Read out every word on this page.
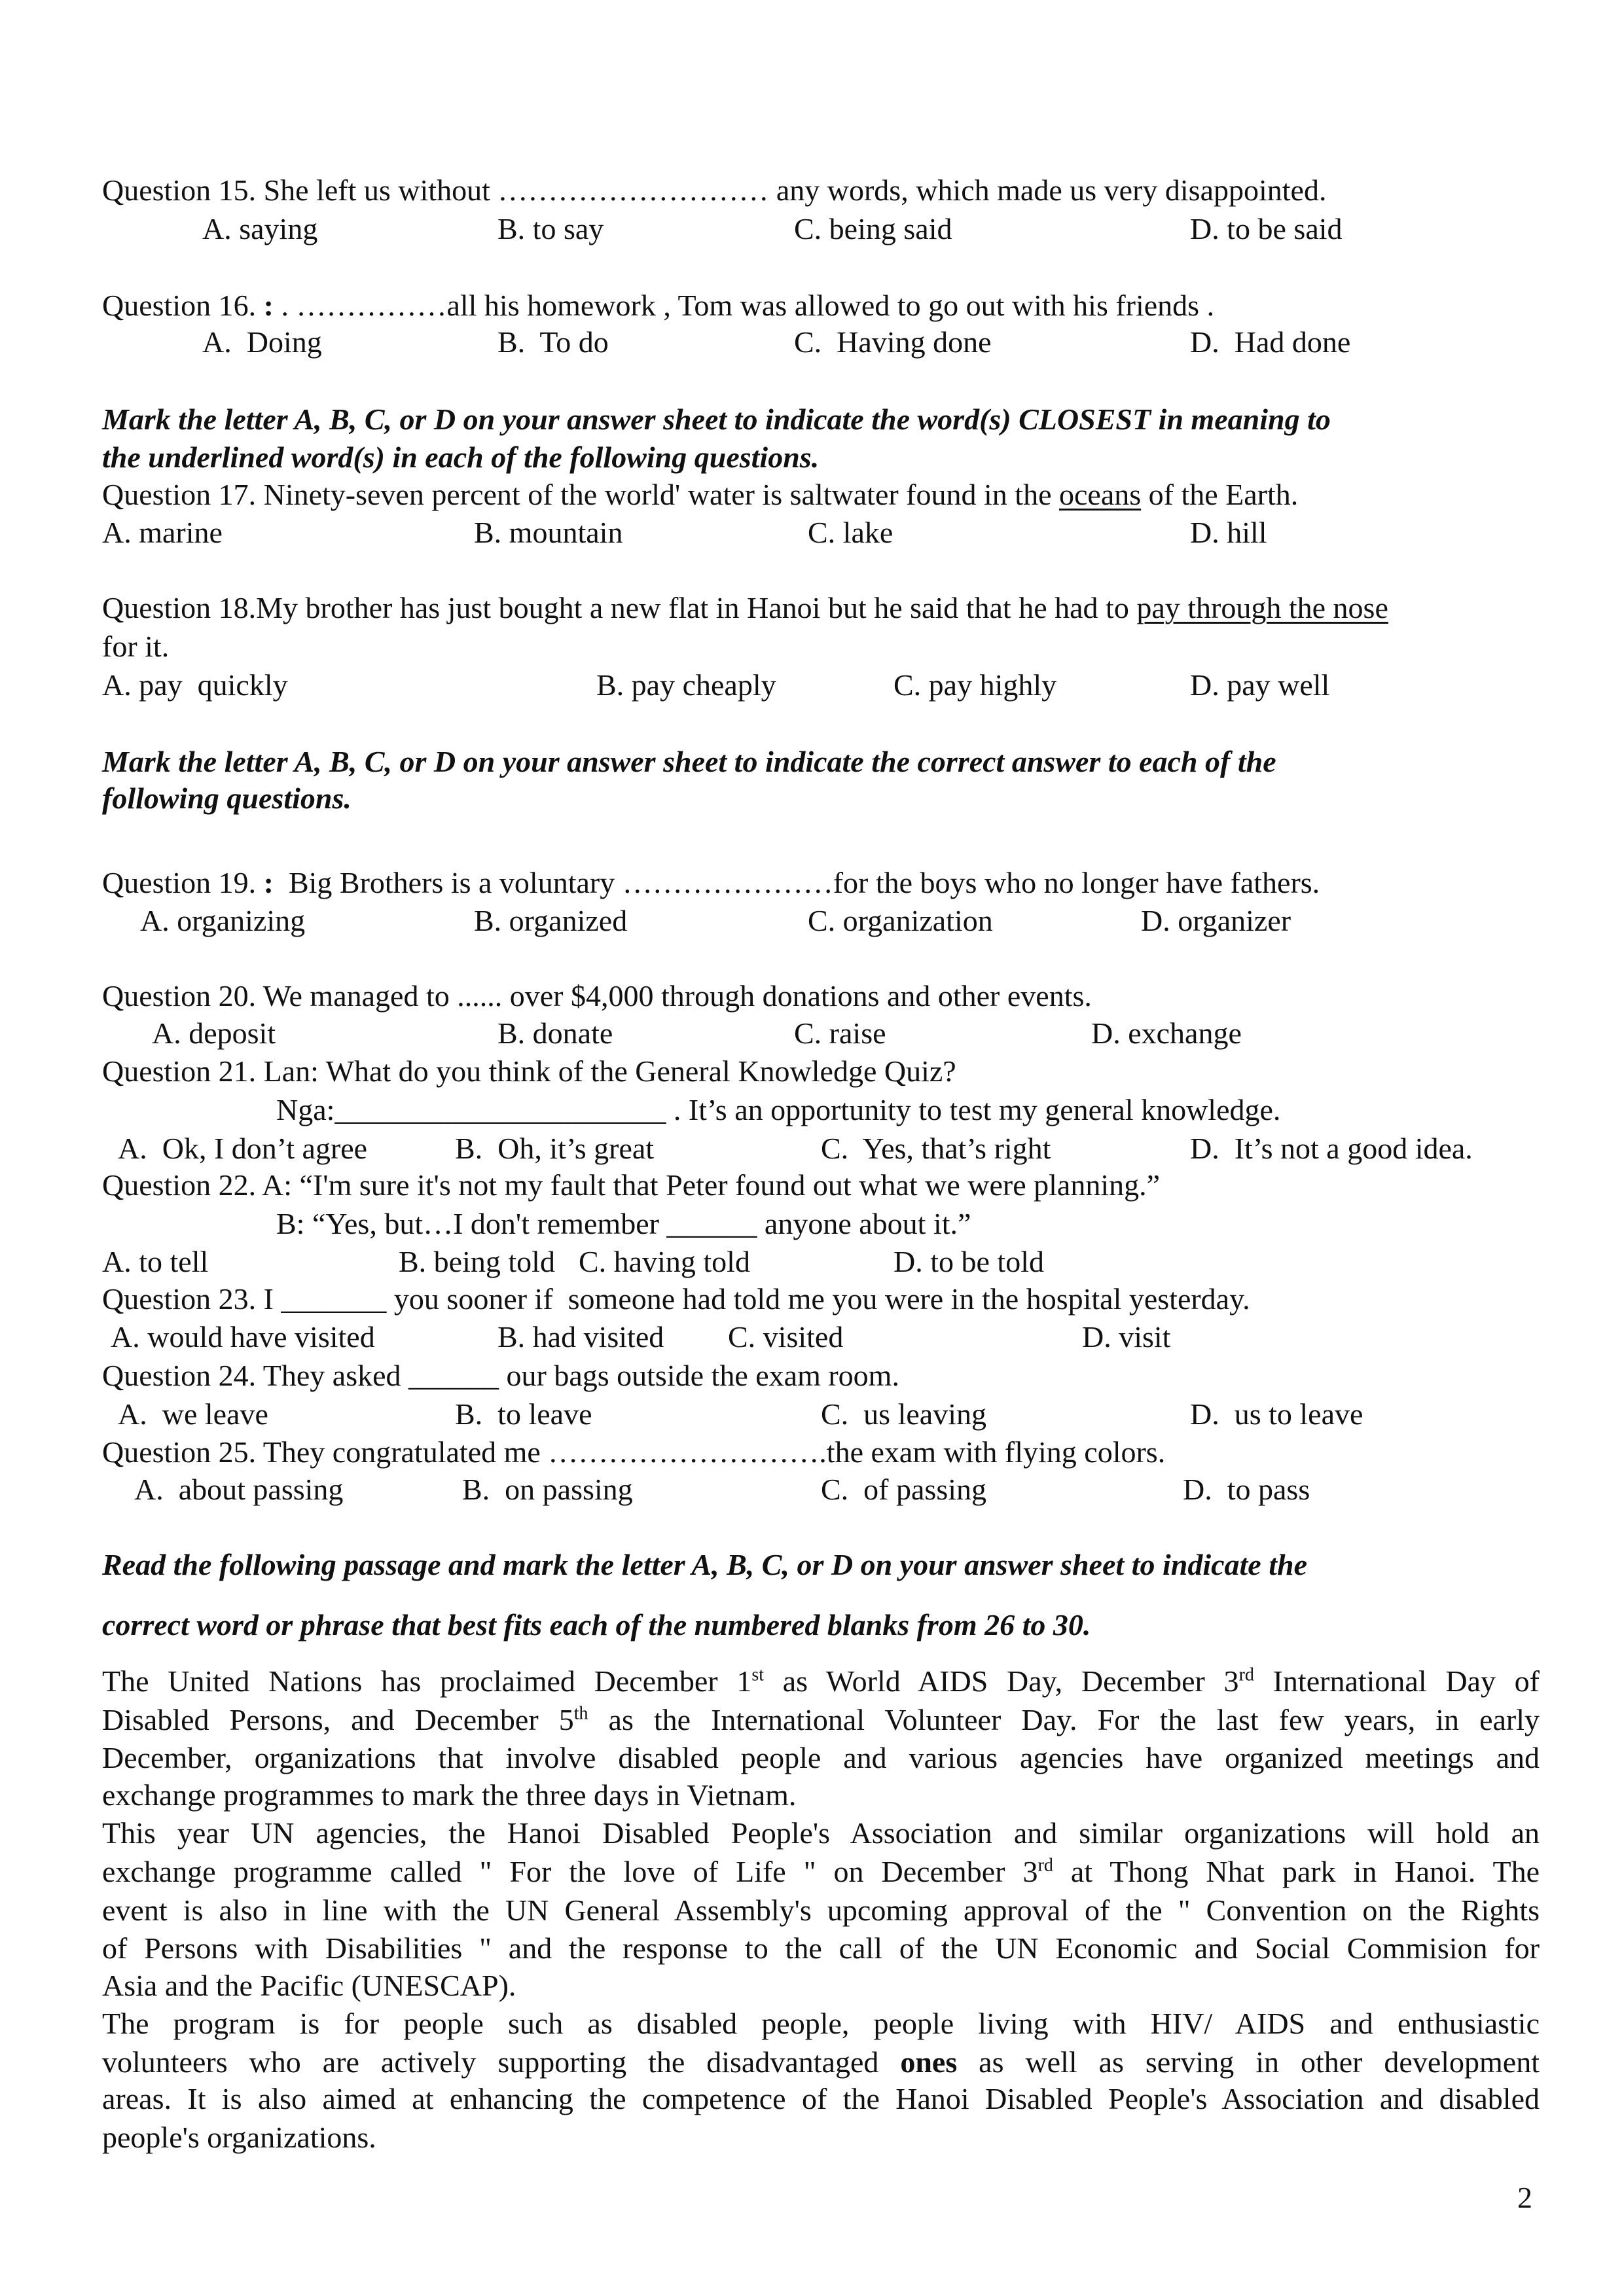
Question 15. She left us without ……………………… any words, which made us very disappointed.
A. saying	B. to say	C. being said	D. to be said
Question 16. : . ……………all his homework , Tom was allowed to go out with his friends .
A.  Doing	B.  To do	C.  Having done	D.  Had done
Question 17. Ninety-seven percent of the world' water is saltwater found in the oceans of the Earth.
A. marine	B. mountain	C. lake	D. hill
Question 18.My brother has just bought a new flat in Hanoi but he said that he had to pay through the nose
for it.
A. pay  quickly	B. pay cheaply	C. pay highly	D. pay well
Question 19. :  Big Brothers is a voluntary …………………for the boys who no longer have fathers.
A. organizing	B. organized	C. organization	D. organizer
Question 20. We managed to ...... over $4,000 through donations and other events.
A. deposit	B. donate	C. raise	D. exchange
Question 21. Lan: What do you think of the General Knowledge Quiz?
Nga:______________________ . It’s an opportunity to test my general knowledge.
A.  Ok, I don’t agree	B.  Oh, it’s great	C.  Yes, that’s right	D.  It’s not a good idea.
Question 22. A: “I'm sure it's not my fault that Peter found out what we were planning.”
B: “Yes, but…I don't remember ______ anyone about it.”
A. to tell	B. being told C. having told	D. to be told
Question 23. I _______ you sooner if  someone had told me you were in the hospital yesterday.
A. would have visited	B. had visited C. visited	D. visit
Question 24. They asked ______ our bags outside the exam room.
A.  we leave	B.  to leave	C.  us leaving	D.  us to leave
Question 25. They congratulated me ……………………….the exam with flying colors.
A.  about passing	B.  on passing	C.  of passing	D.  to pass
Mark the letter A, B, C, or D on your answer sheet to indicate the word(s) CLOSEST in meaning to
the underlined word(s) in each of the following questions.
Mark the letter A, B, C, or D on your answer sheet to indicate the correct answer to each of the
following questions.
Read the following passage and mark the letter A, B, C, or D on your answer sheet to indicate the
correct word or phrase that best fits each of the numbered blanks from 26 to 30.
The United Nations has proclaimed December 1st as World AIDS Day, December 3rd International Day of
Disabled Persons, and December 5th as the International Volunteer Day. For the last few years, in early
December, organizations that involve disabled people and various agencies have organized meetings and
exchange programmes to mark the three days in Vietnam.
This year UN agencies, the Hanoi Disabled People's Association and similar organizations will hold an
exchange programme called " For the love of Life " on December 3rd at Thong Nhat park in Hanoi. The
event is also in line with the UN General Assembly's upcoming approval of the " Convention on the Rights
of Persons with Disabilities " and the response to the call of the UN Economic and Social Commision for
Asia and the Pacific (UNESCAP).
The program is for people such as disabled people, people living with HIV/ AIDS and enthusiastic
volunteers who are actively supporting the disadvantaged ones as well as serving in other development
areas. It is also aimed at enhancing the competence of the Hanoi Disabled People's Association and disabled
people's organizations.
2
